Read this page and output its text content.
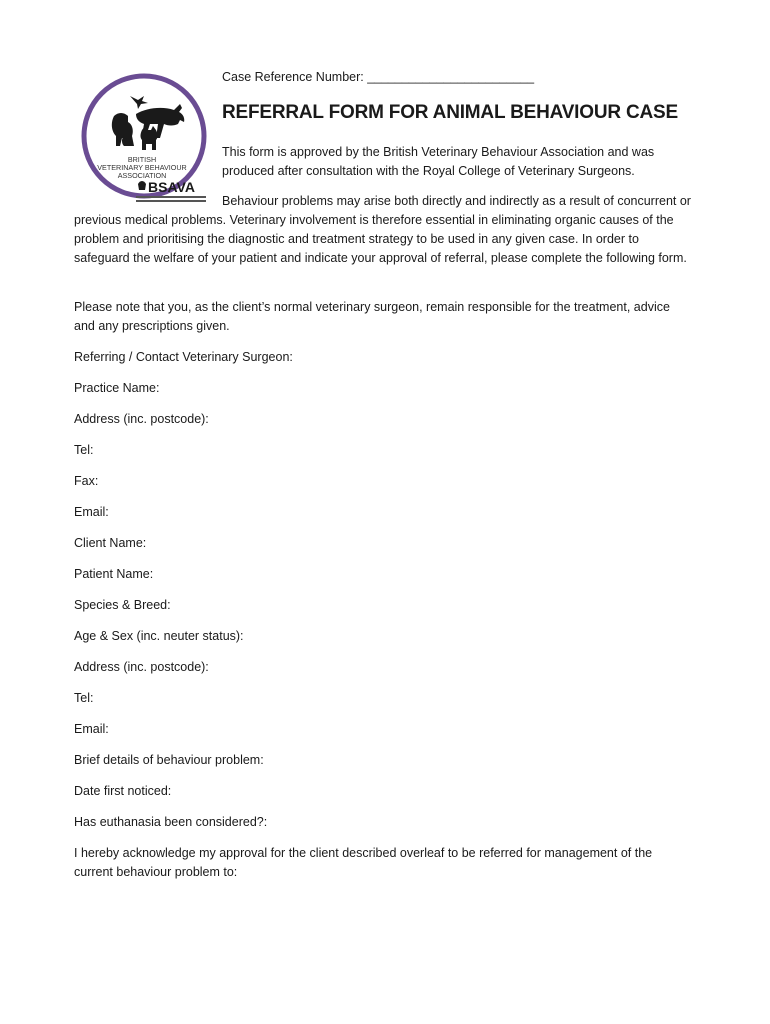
BRITISH
VETERINARY BEHAVIOUR
ASSOCIATION
BSAVA
Case Reference Number: ________________________
REFERRAL FORM FOR ANIMAL BEHAVIOUR CASE

This form is approved by the British Veterinary Behaviour Association and was produced after consultation with the Royal College of Veterinary Surgeons.

Behaviour problems may arise both directly and indirectly as a result of concurrent or previous medical problems. Veterinary involvement is therefore essential in eliminating organic causes of the problem and prioritising the diagnostic and treatment strategy to be used in any given case. In order to safeguard the welfare of your patient and indicate your approval of referral, please complete the following form.

Please note that you, as the client’s normal veterinary surgeon, remain responsible for the treatment, advice and any prescriptions given.

Referring / Contact Veterinary Surgeon:
Practice Name:
Address (inc. postcode):
Tel:
Fax:
Email:
Client Name:
Patient Name:
Species & Breed:
Age & Sex (inc. neuter status):
Address (inc. postcode):
Tel:
Email:
Brief details of behaviour problem:
Date first noticed:
Has euthanasia been considered?:

I hereby acknowledge my approval for the client described overleaf to be referred for management of the current behaviour problem to:
